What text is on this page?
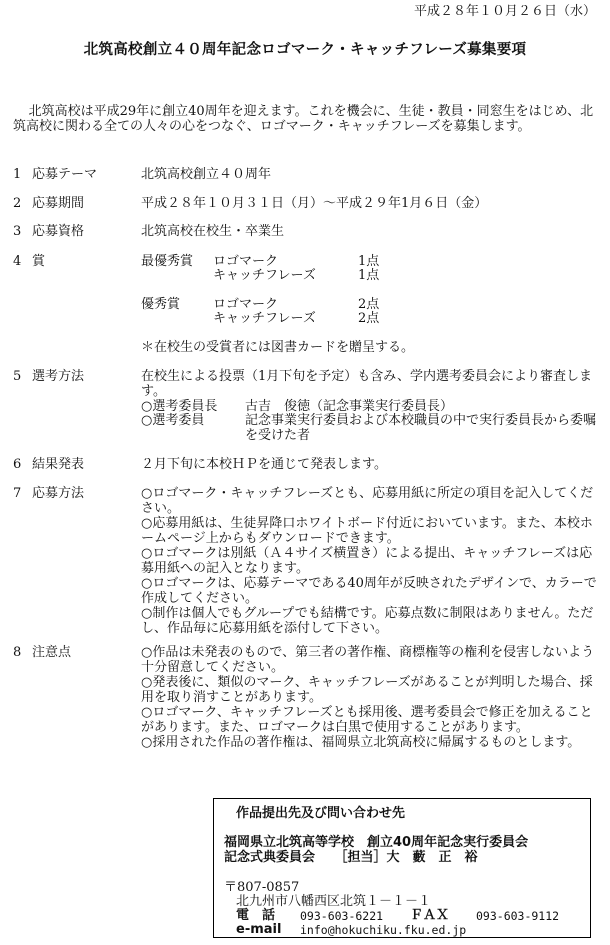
平成２８年１０月２６日（水）
北筑高校創立４０周年記念ロゴマーク・キャッチフレーズ募集要項
北筑高校は平成29年に創立40周年を迎えます。これを機会に、生徒・教員・同窓生をはじめ、北筑高校に関わる全ての人々の心をつなぐ、ロゴマーク・キャッチフレーズを募集します。
1 応募テーマ	北筑高校創立４０周年
2 応募期間	平成２８年１０月３１日（月）～平成２９年1月６日（金）
3 応募資格	北筑高校在校生・卒業生
4 賞	最優秀賞 ロゴマーク	1点
キャッチフレーズ	1点
優秀賞	ロゴマーク	2点
キャッチフレーズ	2点
＊在校生の受賞者には図書カードを贈呈する。
5 選考方法	在校生による投票（1月下旬を予定）も含み、学内選考委員会により審査します。
○選考委員長 古吉　俊徳（記念事業実行委員長）
○選考委員	記念事業実行委員および本校職員の中で実行委員長から委嘱を受けた者
6 結果発表	２月下旬に本校ＨＰを通じて発表します。
7 応募方法	○ロゴマーク・キャッチフレーズとも、応募用紙に所定の項目を記入してください。

○応募用紙は、生徒昇降口ホワイトボード付近においています。また、本校ホームページ上からもダウンロードできます。

○ロゴマークは別紙（Ａ４サイズ横置き）による提出、キャッチフレーズは応募用紙への記入となります。

○ロゴマークは、応募テーマである40周年が反映されたデザインで、カラーで作成してください。

○制作は個人でもグループでも結構です。応募点数に制限はありません。ただし、作品毎に応募用紙を添付して下さい。

8 注意点	○作品は未発表のもので、第三者の著作権、商標権等の権利を侵害しないよう十分留意してください。

○発表後に、類似のマーク、キャッチフレーズがあることが判明した場合、採用を取り消すことがあります。

○ロゴマーク、キャッチフレーズとも採用後、選考委員会で修正を加えることがあります。また、ロゴマークは白黒で使用することがあります。

○採用された作品の著作権は、福岡県立北筑高校に帰属するものとします。

作品提出先及び問い合わせ先
福岡県立北筑高等学校　創立40周年記念実行委員会
記念式典委員会　　［担当］大　藪　正　裕
〒807-0857
北九州市八幡西区北筑１－１－１
電　話 093-603-6221 ＦＡＸ 093-603-9112
e-mail info@hokuchiku.fku.ed.jp
